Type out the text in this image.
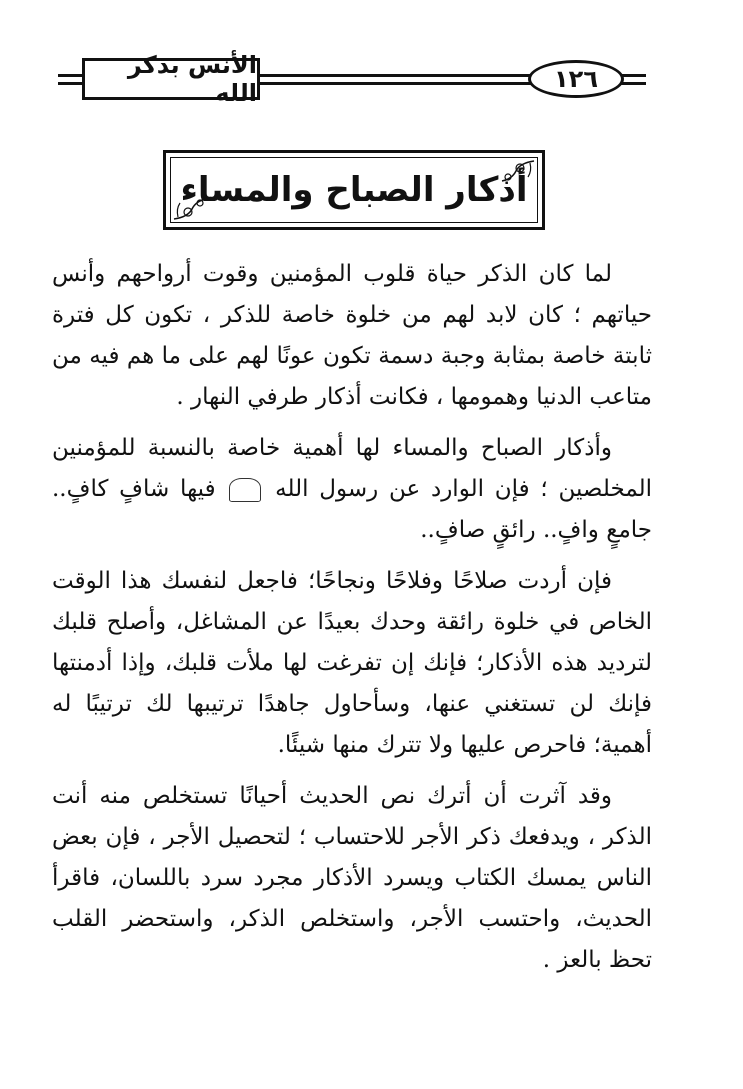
الأنس بذكر الله	١٢٦
أذكار الصباح والمساء

لما كان الذكر حياة قلوب المؤمنين وقوت أرواحهم وأنس حياتهم ؛ كان لابد لهم من خلوة خاصة للذكر ، تكون كل فترة ثابتة خاصة بمثابة وجبة دسمة تكون عونًا لهم على ما هم فيه من متاعب الدنيا وهمومها ، فكانت أذكار طرفي النهار .

وأذكار الصباح والمساء لها أهمية خاصة بالنسبة للمؤمنين المخلصين ؛ فإن الوارد عن رسول الله  فيها شافٍ كافٍ.. جامعٍ وافٍ.. رائقٍ صافٍ..

فإن أردت صلاحًا وفلاحًا ونجاحًا؛ فاجعل لنفسك هذا الوقت الخاص في خلوة رائقة وحدك بعيدًا عن المشاغل، وأصلح قلبك لترديد هذه الأذكار؛ فإنك إن تفرغت لها ملأت قلبك، وإذا أدمنتها فإنك لن تستغني عنها، وسأحاول جاهدًا ترتيبها لك ترتيبًا له أهمية؛ فاحرص عليها ولا تترك منها شيئًا.

وقد آثرت أن أترك نص الحديث أحيانًا تستخلص منه أنت الذكر ، ويدفعك ذكر الأجر للاحتساب ؛ لتحصيل الأجر ، فإن بعض الناس يمسك الكتاب ويسرد الأذكار مجرد سرد باللسان، فاقرأ الحديث، واحتسب الأجر، واستخلص الذكر، واستحضر القلب تحظ بالعز .
